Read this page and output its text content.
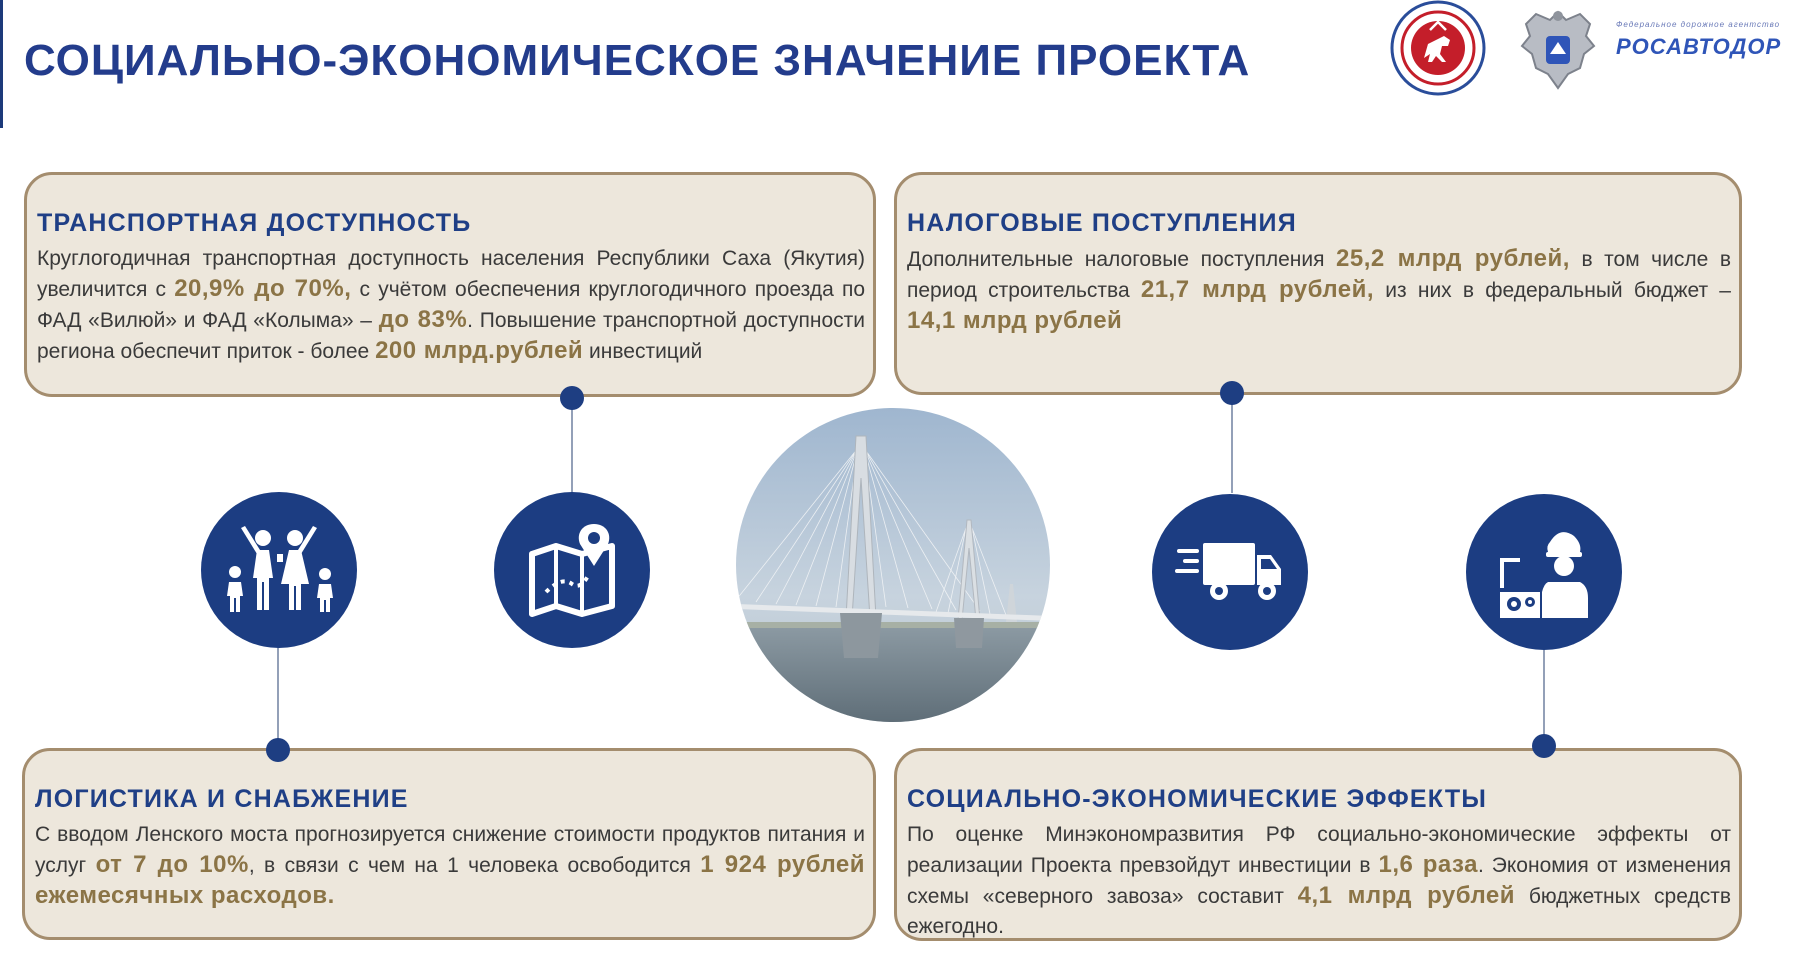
СОЦИАЛЬНО-ЭКОНОМИЧЕСКОЕ ЗНАЧЕНИЕ ПРОЕКТА
Федеральное дорожное агентство
РОСАВТОДОР
ТРАНСПОРТНАЯ ДОСТУПНОСТЬ

Круглогодичная транспортная доступность населения Республики Саха (Якутия) увеличится с 20,9% до 70%, с учётом обеспечения круглогодичного проезда по ФАД «Вилюй» и ФАД «Колыма» – до 83%. Повышение транспортной доступности региона обеспечит приток - более 200 млрд.рублей инвестиций

НАЛОГОВЫЕ ПОСТУПЛЕНИЯ

Дополнительные налоговые поступления 25,2 млрд рублей, в том числе в период строительства 21,7 млрд рублей, из них в федеральный бюджет – 14,1 млрд рублей

ЛОГИСТИКА И СНАБЖЕНИЕ

С вводом Ленского моста прогнозируется снижение стоимости продуктов питания и услуг от 7 до 10%, в связи с чем на 1 человека освободится 1 924 рублей ежемесячных расходов.

СОЦИАЛЬНО-ЭКОНОМИЧЕСКИЕ ЭФФЕКТЫ

По оценке Минэкономразвития РФ социально-экономические эффекты от реализации Проекта превзойдут инвестиции в 1,6 раза. Экономия от изменения схемы «северного завоза» составит 4,1 млрд рублей бюджетных средств ежегодно.
